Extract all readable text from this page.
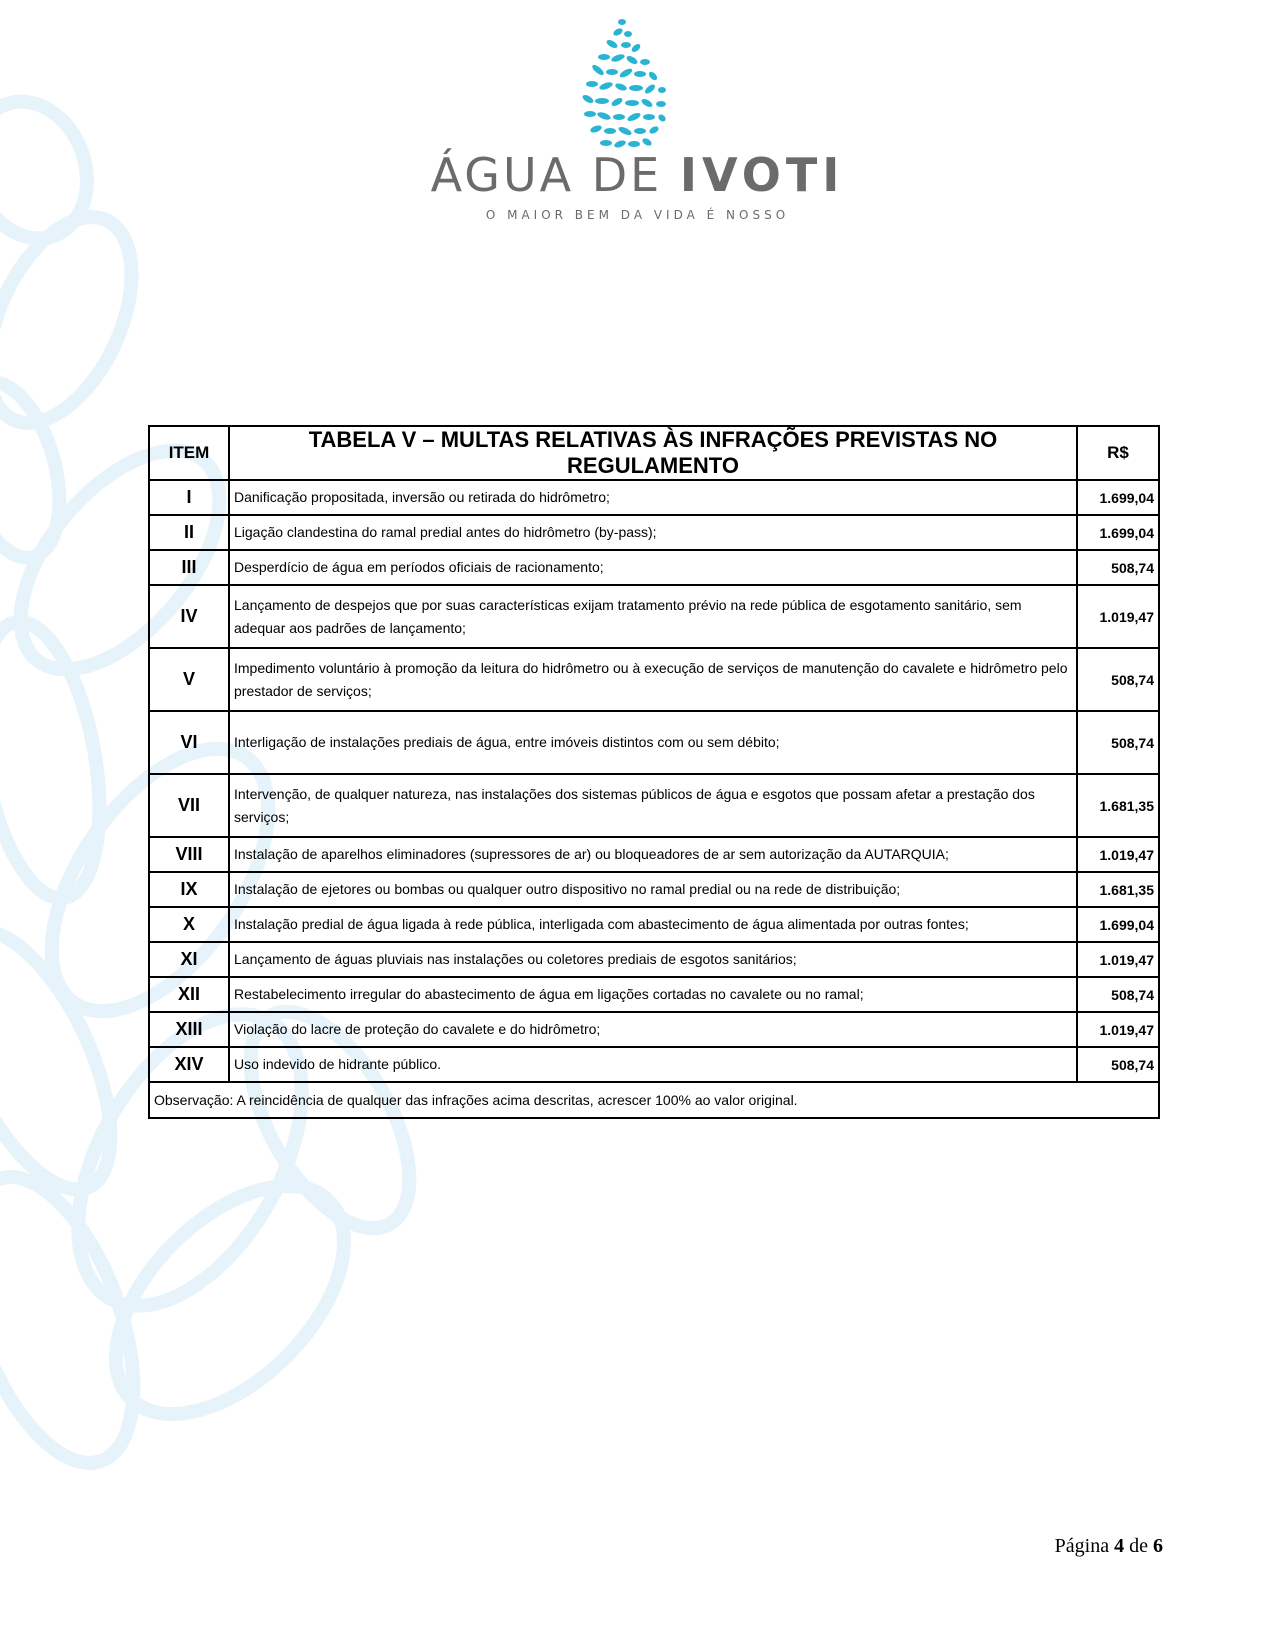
ÁGUA DE IVOTI
O MAIOR BEM DA VIDA É NOSSO
ITEM	TABELA V – MULTAS RELATIVAS ÀS INFRAÇÕES PREVISTAS NO REGULAMENTO	R$
I	Danificação propositada, inversão ou retirada do hidrômetro;	1.699,04
II	Ligação clandestina do ramal predial antes do hidrômetro (by-pass);	1.699,04
III	Desperdício de água em períodos oficiais de racionamento;	508,74
IV	Lançamento de despejos que por suas características exijam tratamento prévio na rede pública de esgotamento sanitário, sem adequar aos padrões de lançamento;	1.019,47
V	Impedimento voluntário à promoção da leitura do hidrômetro ou à execução de serviços de manutenção do cavalete e hidrômetro pelo prestador de serviços;	508,74
VI	Interligação de instalações prediais de água, entre imóveis distintos com ou sem débito;	508,74
VII	Intervenção, de qualquer natureza, nas instalações dos sistemas públicos de água e esgotos que possam afetar a prestação dos serviços;	1.681,35
VIII	Instalação de aparelhos eliminadores (supressores de ar) ou bloqueadores de ar sem autorização da AUTARQUIA;	1.019,47
IX	Instalação de ejetores ou bombas ou qualquer outro dispositivo no ramal predial ou na rede de distribuição;	1.681,35
X	Instalação predial de água ligada à rede pública, interligada com abastecimento de água alimentada por outras fontes;	1.699,04
XI	Lançamento de águas pluviais nas instalações ou coletores prediais de esgotos sanitários;	1.019,47
XII	Restabelecimento irregular do abastecimento de água em ligações cortadas no cavalete ou no ramal;	508,74
XIII	Violação do lacre de proteção do cavalete e do hidrômetro;	1.019,47
XIV	Uso indevido de hidrante público.	508,74
Observação: A reincidência de qualquer das infrações acima descritas, acrescer 100% ao valor original.		
Página 4 de 6
